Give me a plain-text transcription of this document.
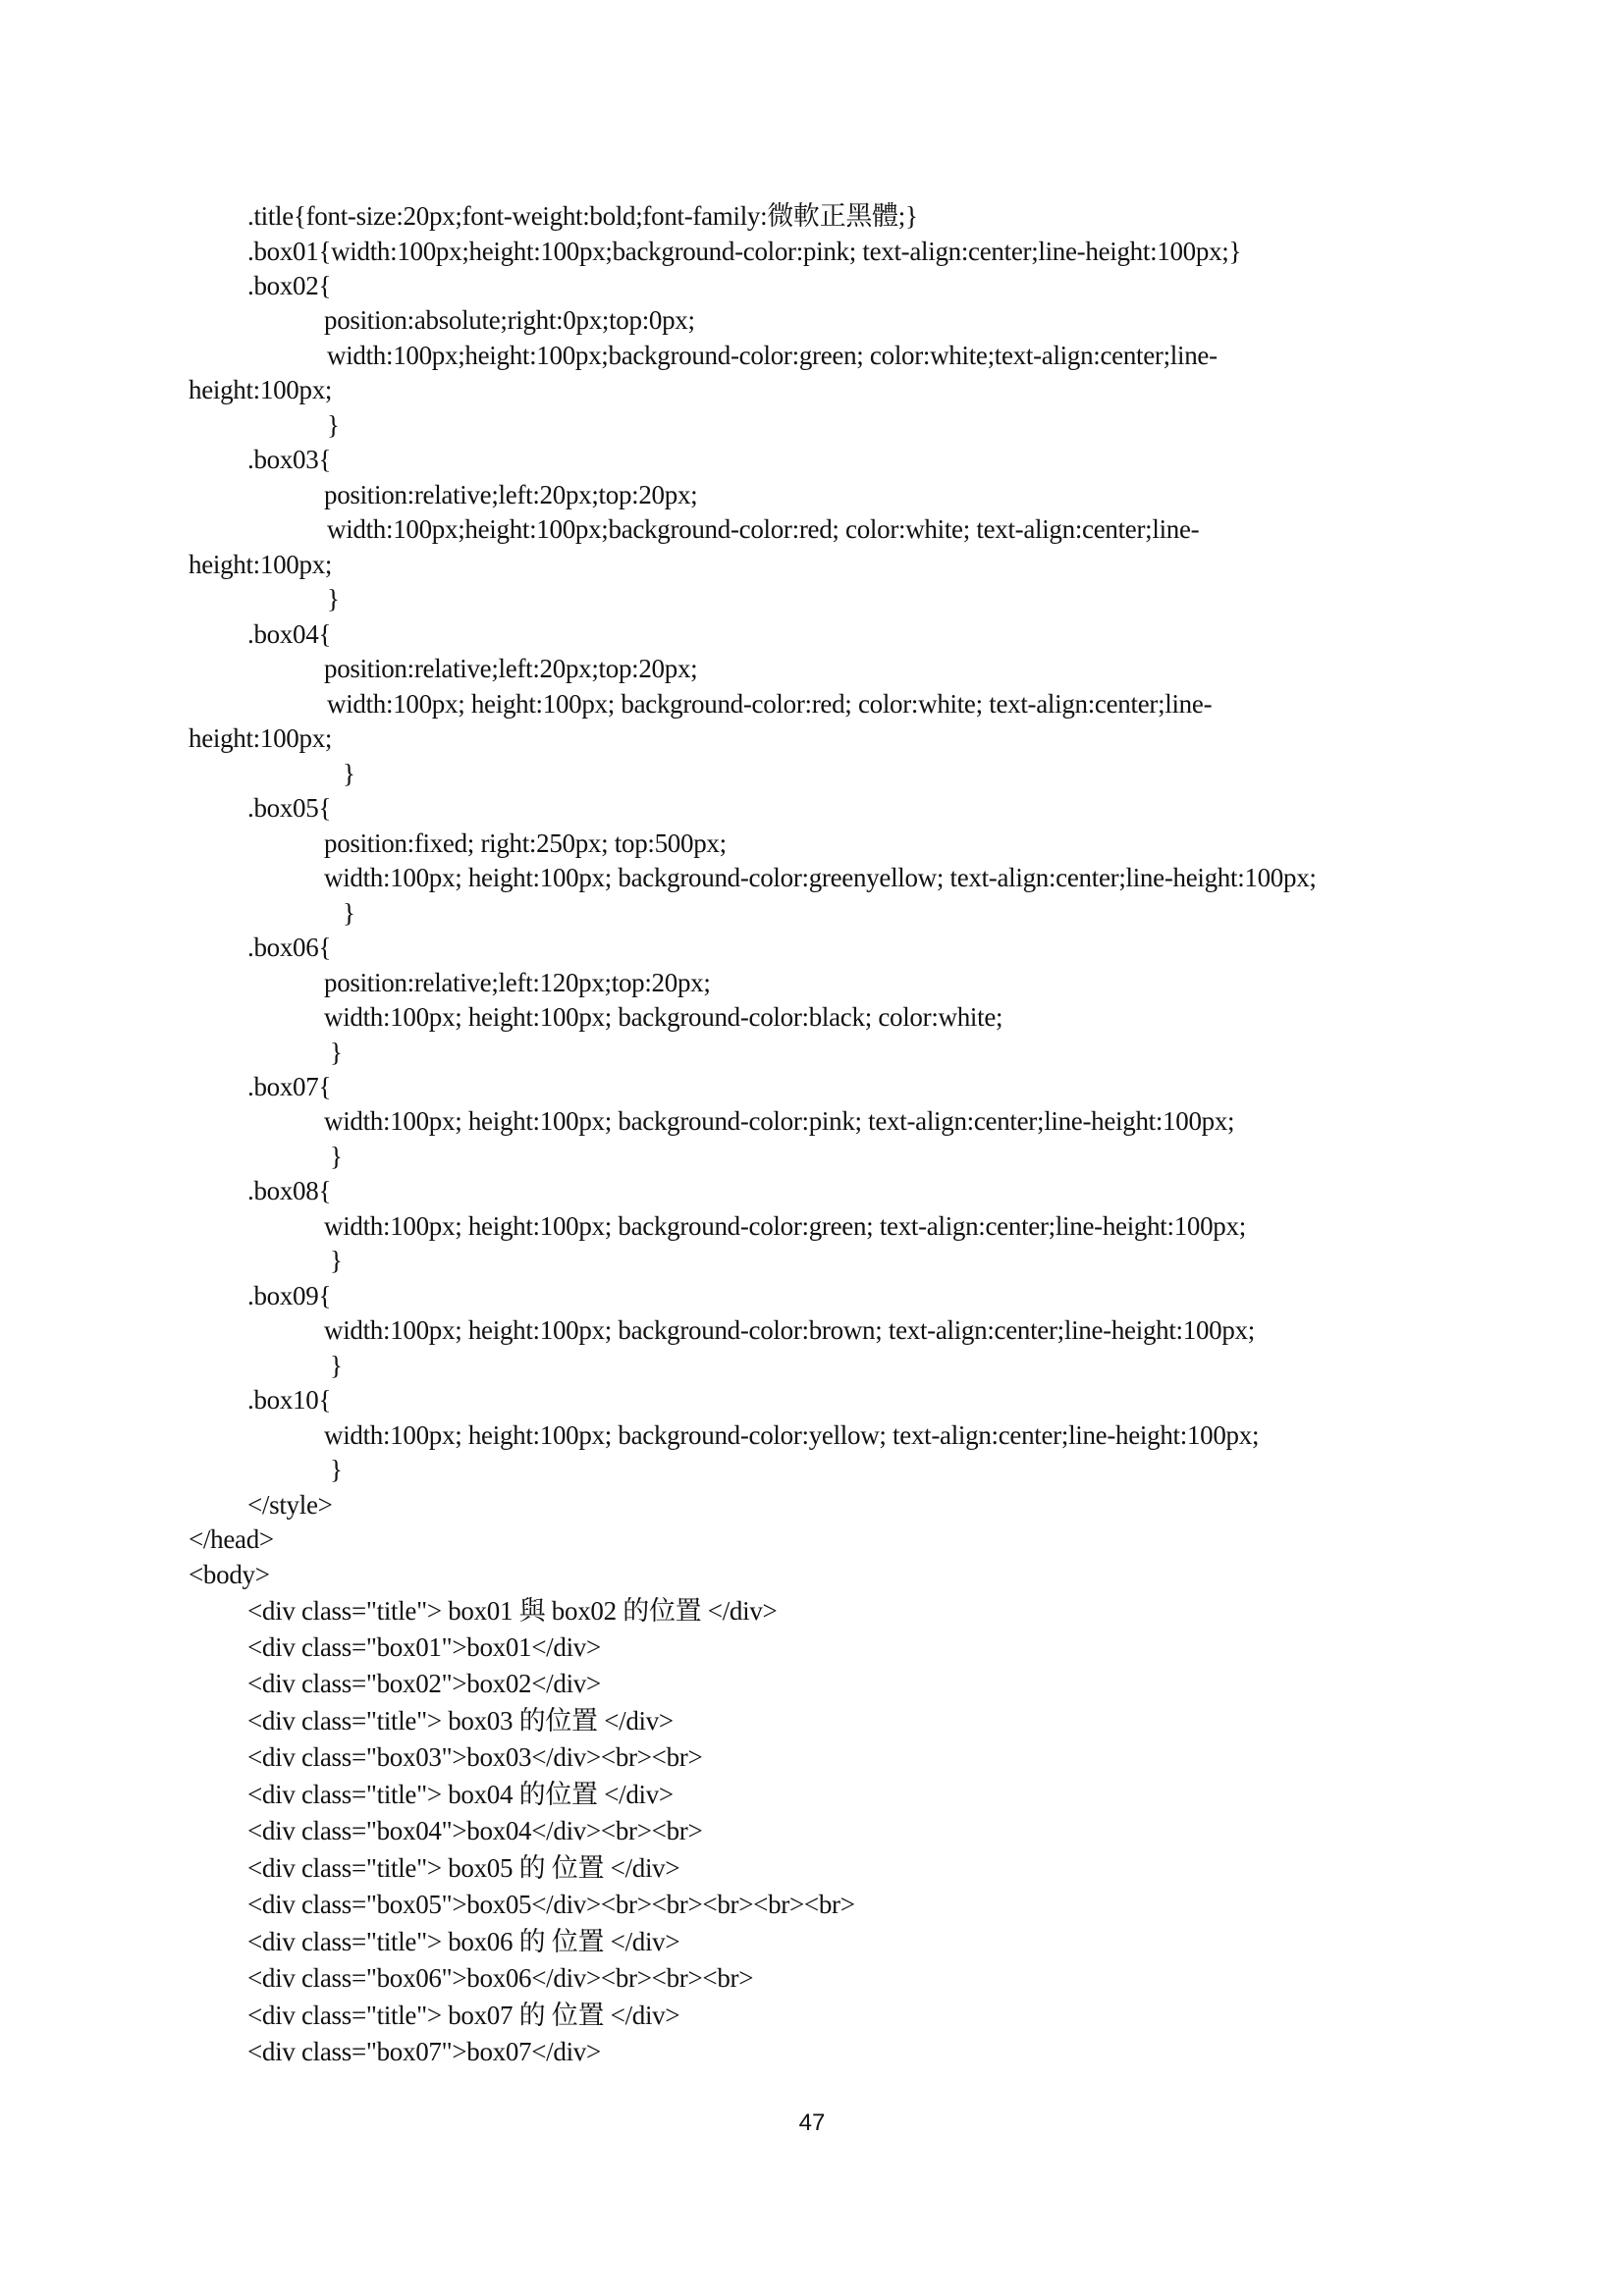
.title{font-size:20px;font-weight:bold;font-family:微軟正黑體;}
.box01{width:100px;height:100px;background-color:pink; text-align:center;line-height:100px;}
.box02{
position:absolute;right:0px;top:0px;
width:100px;height:100px;background-color:green; color:white;text-align:center;line-
height:100px;
}
.box03{
position:relative;left:20px;top:20px;
width:100px;height:100px;background-color:red; color:white; text-align:center;line-
height:100px;
}
.box04{
position:relative;left:20px;top:20px;
width:100px; height:100px; background-color:red; color:white; text-align:center;line-
height:100px;
}
.box05{
position:fixed; right:250px; top:500px;
width:100px; height:100px; background-color:greenyellow; text-align:center;line-height:100px;
}
.box06{
position:relative;left:120px;top:20px;
width:100px; height:100px; background-color:black; color:white;
}
.box07{
width:100px; height:100px; background-color:pink; text-align:center;line-height:100px;
}
.box08{
width:100px; height:100px; background-color:green; text-align:center;line-height:100px;
}
.box09{
width:100px; height:100px; background-color:brown; text-align:center;line-height:100px;
}
.box10{
width:100px; height:100px; background-color:yellow; text-align:center;line-height:100px;
}
</style>
</head>
<body>
<div class="title"> box01 與 box02 的位置 </div>
<div class="box01">box01</div>
<div class="box02">box02</div>
<div class="title"> box03 的位置 </div>
<div class="box03">box03</div><br><br>
<div class="title"> box04 的位置 </div>
<div class="box04">box04</div><br><br>
<div class="title"> box05 的 位置 </div>
<div class="box05">box05</div><br><br><br><br><br>
<div class="title"> box06 的 位置 </div>
<div class="box06">box06</div><br><br><br>
<div class="title"> box07 的 位置 </div>
<div class="box07">box07</div>
47
